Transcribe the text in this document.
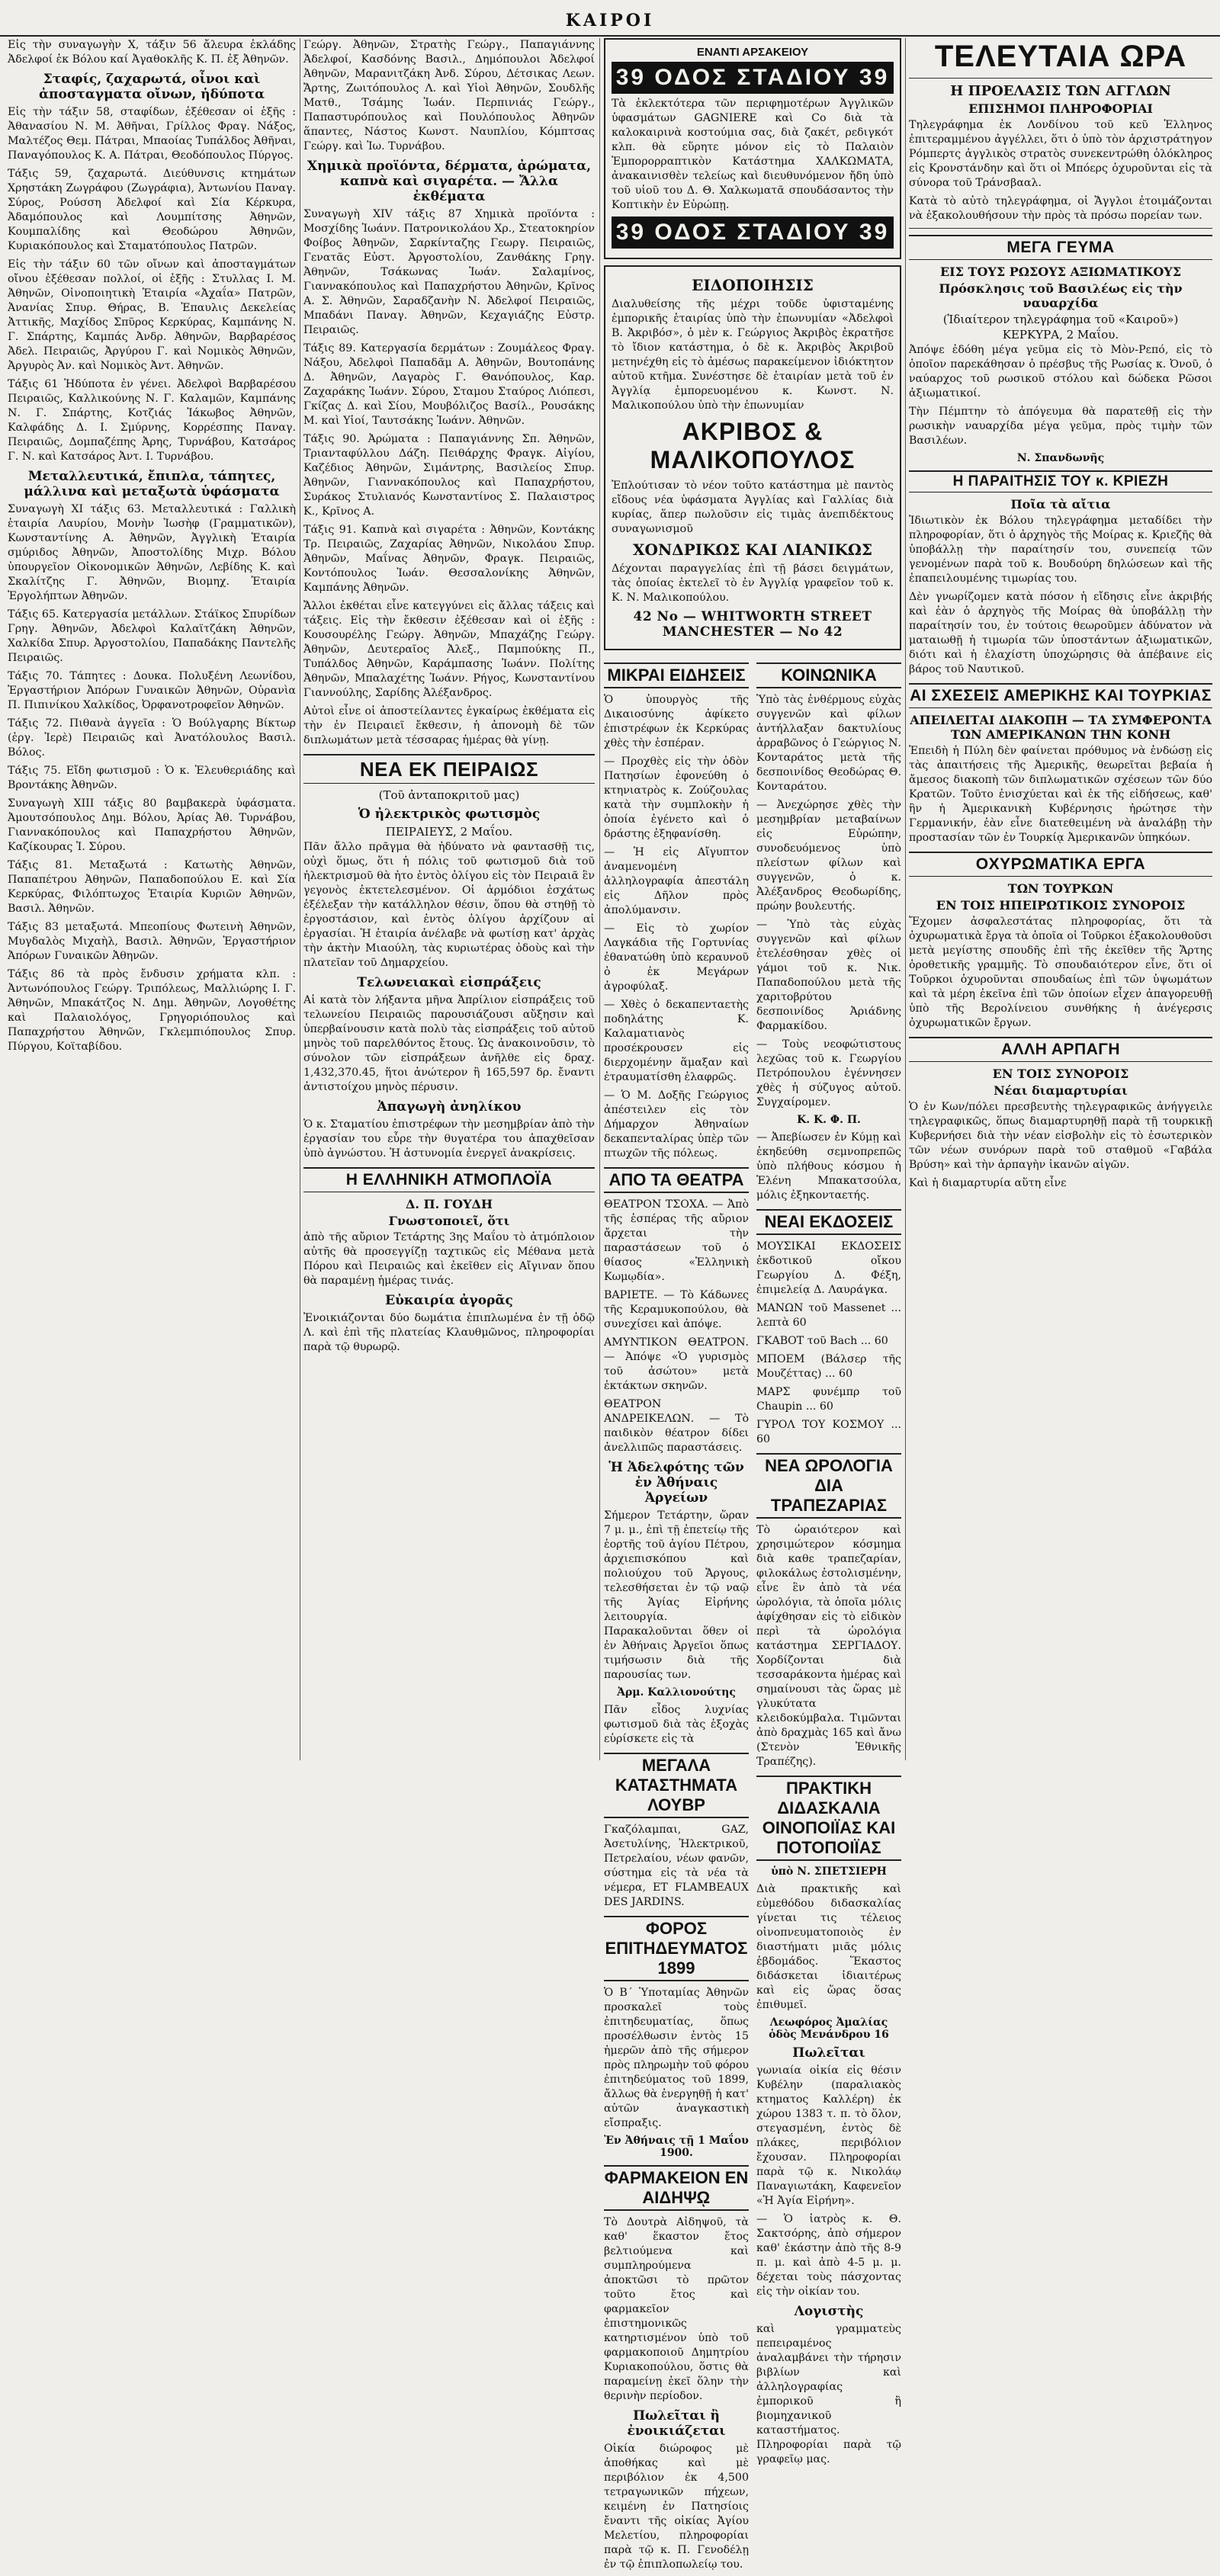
ΚΑΙΡΟΙ

Εἰς τὴν συναγωγὴν Χ, τάξιν 56 ἄλευρα ἐκλάδης Ἀδελφοί ἐκ Βόλου καί Ἀγαθοκλῆς Κ. Π. ἐξ Ἀθηνῶν.

Σταφίς, ζαχαρωτά, οἶνοι καὶ ἀποσταγματα οἴνων, ἡδύποτα

Εἰς τὴν τάξιν 58, σταφίδων, ἐξέθεσαν οἱ ἑξῆς : Ἀθανασίου Ν. Μ. Ἀθῆναι, Γρίλλος Φραγ. Νάξος, Μαλτέζος Θεμ. Πάτραι, Μπαοίας Τυπάλδος Ἀθῆναι, Παναγόπουλος Κ. Α. Πάτραι, Θεοδόπουλος Πύργος.

Τάξις 59, ζαχαρωτά. Διεύθυνσις κτημάτων Χρηστάκη Ζωγράφου (Ζωγράφια), Ἀντωνίου Παναγ. Σύρος, Ρούσση Ἀδελφοί καὶ Σία Κέρκυρα, Ἀδαμόπουλος καὶ Λουμπίτσης Ἀθηνῶν, Κουμπαλίδης καὶ Θεοδώρου Ἀθηνῶν, Κυριακόπουλος καὶ Σταματόπουλος Πατρῶν.

Εἰς τὴν τάξιν 60 τῶν οἴνων καὶ ἀποσταγμάτων οἴνου ἐξέθεσαν πολλοί, οἱ ἑξῆς : Στυλλας Ι. Μ. Ἀθηνῶν, Οἰνοποιητικὴ Ἑταιρία «Ἀχαΐα» Πατρῶν, Ἀνανίας Σπυρ. Θήρας, Β. Ἐπαυλις Δεκελείας Ἀττικῆς, Μαχίδος Σπῦρος Κερκύρας, Καμπάνης Ν. Γ. Σπάρτης, Καμπάς Ἀνδρ. Ἀθηνῶν, Βαρβαρέσος Ἀδελ. Πειραιῶς, Ἀργύρου Γ. καὶ Νομικὸς Ἀθηνῶν, Ἀργυρὸς Ἀν. καὶ Νομικὸς Ἀντ. Ἀθηνῶν.

Τάξις 61 Ἡδύποτα ἐν γένει. Ἀδελφοὶ Βαρβαρέσου Πειραιῶς, Καλλικούνης Ν. Γ. Καλαμῶν, Καμπάνης Ν. Γ. Σπάρτης, Κοτζιάς Ἰάκωβος Ἀθηνῶν, Καλφάδης Δ. Ι. Σμύρνης, Κορρέσπης Παναγ. Πειραιῶς, Δομπαζέπης Ἀρης, Τυρνάβου, Κατσάρος Γ. Ν. καὶ Κατσάρος Ἀντ. Ι. Τυρνάβου.

Μεταλλευτικά, ἔπιπλα, τάπητες, μάλλινα καὶ μεταξωτὰ ὑφάσματα

Συναγωγὴ ΧΙ τάξις 63. Μεταλλευτικά : Γαλλικὴ ἑταιρία Λαυρίου, Μονὴν Ἰωσὴφ (Γραμματικῶν), Κωνσταντίνης Α. Ἀθηνῶν, Ἀγγλικὴ Ἑταιρία σμύριδος Ἀθηνῶν, Ἀποστολίδης Μιχρ. Βόλου ὑπουργεῖον Οἰκονομικῶν Ἀθηνῶν, Λεβίδης Κ. καὶ Σκαλίτζης Γ. Ἀθηνῶν, Βιομηχ. Ἑταιρία Ἐργολήπτων Ἀθηνῶν.

Τάξις 65. Κατεργασία μετάλλων. Στάϊκος Σπυρίδων Γρηγ. Ἀθηνῶν, Ἀδελφοὶ Καλαϊτζάκη Ἀθηνῶν, Χαλκίδα Σπυρ. Ἀργοστολίου, Παπαδάκης Παντελῆς Πειραιῶς.

Τάξις 70. Τάπητες : Δουκα. Πολυξένη Λεωνίδου, Ἐργαστήριον Ἀπόρων Γυναικῶν Ἀθηνῶν, Οὐρανὶα Π. Πιπινίκου Χαλκίδος, Ὀρφανοτροφεῖον Ἀθηνῶν.

Τάξις 72. Πιθανὰ ἀγγεῖα : Ὁ Βούλγαρης Βίκτωρ (ἐργ. Ἱερὲ) Πειραιῶς καὶ Ἀνατόλουλος Βασιλ. Βόλος.

Τάξις 75. Εἴδη φωτισμοῦ : Ὁ κ. Ἐλευθεριάδης καὶ Βροντάκης Ἀθηνῶν.

Συναγωγὴ XIII τάξις 80 βαμβακερὰ ὑφάσματα. Ἀμουτσόπουλος Δημ. Βόλου, Ἀρίας Ἀθ. Τυρνάβου, Γιαννακόπουλος καὶ Παπαχρήστου Ἀθηνῶν, Καζίκουρας Ἰ. Σύρου.

Τάξις 81. Μεταξωτά : Κατωτὴς Ἀθηνῶν, Παπαπέτρου Ἀθηνῶν, Παπαδοπούλου Ε. καὶ Σία Κερκύρας, Φιλόπτωχος Ἑταιρία Κυριῶν Ἀθηνῶν, Βασιλ. Ἀθηνῶν.

Τάξις 83 μεταξωτά. Μπεοπίους Φωτεινὴ Ἀθηνῶν, Μυγδαλὸς Μιχαὴλ, Βασιλ. Ἀθηνῶν, Ἐργαστήριον Ἀπόρων Γυναικῶν Ἀθηνῶν.

Τάξις 86 τὰ πρὸς ἔνδυσιν χρήματα κλπ. : Ἀντωνόπουλος Γεώργ. Τριπόλεως, Μαλλιώρης Ι. Γ. Ἀθηνῶν, Μπακάτζος Ν. Δημ. Ἀθηνῶν, Λογοθέτης καὶ Παλαιολόγος, Γρηγοριόπουλος καὶ Παπαχρήστου Ἀθηνῶν, Γκλεμπιόπουλος Σπυρ. Πύργου, Κοϊταβίδου.

Γεώργ. Ἀθηνῶν, Στρατὴς Γεώργ., Παπαγιάννης Ἀδελφοί, Κασδόνης Βασιλ., Δημόπουλοι Ἀδελφοί Ἀθηνῶν, Μαρανιτζάκη Ἀνδ. Σύρου, Δέτσικας Λεων. Ἄρτης, Ζωιτόπουλος Λ. καὶ Υἱοὶ Ἀθηνῶν, Σουδλῆς Ματθ., Τσάμης Ἰωάν. Περπινιάς Γεώργ., Παπαστυρόπουλος καὶ Πουλόπουλος Ἀθηνῶν ἅπαντες, Νάστος Κωνστ. Ναυπλίου, Κόμπτσας Γεώργ. καὶ Ἰω. Τυρνάβου.

Χημικὰ προϊόντα, δέρματα, ἀρώματα, καπνὰ καὶ σιγαρέτα. — Ἄλλα ἐκθέματα

Συναγωγὴ XIV τάξις 87 Χημικὰ προϊόντα : Μοσχίδης Ἰωάνν. Πατρονικολάου Χρ., Στεατοκηρίον Φοίβος Ἀθηνῶν, Σαρκίνταζης Γεωργ. Πειραιῶς, Γενατᾶς Εὐστ. Ἀργοστολίου, Ζανθάκης Γρηγ. Ἀθηνῶν, Τσάκωνας Ἰωάν. Σαλαμίνος, Γιαννακόπουλος καὶ Παπαχρήστου Ἀθηνῶν, Κρῖνος Α. Σ. Ἀθηνῶν, Σαραδζανὴν Ν. Ἀδελφοί Πειραιῶς, Μπαδάνι Παναγ. Ἀθηνῶν, Κεχαγιάζης Εὐστρ. Πειραιῶς.

Τάξις 89. Κατεργασία δερμάτων : Ζουμάλεος Φραγ. Νάξου, Ἀδελφοὶ Παπαδᾶμ Α. Ἀθηνῶν, Βουτοπάνης Δ. Ἀθηνῶν, Λαγαρὸς Γ. Θανόπουλος, Καρ. Ζαχαράκης Ἰωάνν. Σύρου, Σταμου Σταύρος Λιόπεσι, Γκίζας Δ. καὶ Σίου, Μουβόλιζος Βασίλ., Ρουσάκης Μ. καὶ Υἱοί, Ταυτσάκης Ἰωάνν. Ἀθηνῶν.

Τάξις 90. Ἀρώματα : Παπαγιάννης Σπ. Ἀθηνῶν, Τριανταφύλλου Δάζη. Πειθάρχης Φραγκ. Αἰγίου, Καζέδιος Ἀθηνῶν, Σιμάντρης, Βασιλείος Σπυρ. Ἀθηνῶν, Γιαννακόπουλος καὶ Παπαχρήστου, Συράκος Στυλιανός Κωνσταντίνος Σ. Παλαιστρος Κ., Κρῖνος Α.

Τάξις 91. Καπνὰ καὶ σιγαρέτα : Ἀθηνῶν, Κοντάκης Τρ. Πειραιῶς, Ζαχαρίας Ἀθηνῶν, Νικολάου Σπυρ. Ἀθηνῶν, Μαΐνας Ἀθηνῶν, Φραγκ. Πειραιῶς, Κοντόπουλος Ἰωάν. Θεσσαλονίκης Ἀθηνῶν, Καμπάνης Ἀθηνῶν.

Ἄλλοι ἐκθέται εἶνε κατεγγύνει εἰς ἄλλας τάξεις καὶ τάξεις. Εἰς τὴν ἔκθεσιν ἐξέθεσαν καὶ οἱ ἑξῆς : Κουσουρέλης Γεώργ. Ἀθηνῶν, Μπαχάζης Γεώργ. Ἀθηνῶν, Δευτεραῖος Ἀλεξ., Παμπούκης Π., Τυπάλδος Ἀθηνῶν, Καράμπασης Ἰωάνν. Πολίτης Ἀθηνῶν, Μπαλαχέτης Ἰωάνν. Ρήγος, Κωνσταντίνου Γιαννούλης, Σαρίδης Ἀλέξανδρος.

Αὐτοὶ εἶνε οἱ ἀποστείλαντες ἐγκαίρως ἐκθέματα εἰς τὴν ἐν Πειραιεῖ ἔκθεσιν, ἡ ἀπονομὴ δὲ τῶν διπλωμάτων μετὰ τέσσαρας ἡμέρας θὰ γίνῃ.

ΝΕΑ ΕΚ ΠΕΙΡΑΙΩΣ
(Τοῦ ἀνταποκριτοῦ μας)
Ὁ ἠλεκτρικὸς φωτισμὸς
ΠΕΙΡΑΙΕΥΣ, 2 Μαΐου.

Πᾶν ἄλλο πρᾶγμα θὰ ἠδύνατο νὰ φαντασθῇ τις, οὐχὶ ὅμως, ὅτι ἡ πόλις τοῦ φωτισμοῦ διὰ τοῦ ἠλεκτρισμοῦ θὰ ἠτο ἐντὸς ὀλίγου εἰς τὸν Πειραιᾶ ἓν γεγονὸς ἐκτετελεσμένον. Οἱ ἀρμόδιοι ἐσχάτως ἐξέλεξαν τὴν κατάλληλον θέσιν, ὅπου θὰ στηθῇ τὸ ἐργοστάσιον, καὶ ἐντὸς ὀλίγου ἀρχίζουν αἱ ἐργασίαι. Ἡ ἐταιρία ἀνέλαβε νὰ φωτίσῃ κατ' ἀρχὰς τὴν ἀκτὴν Μιαούλη, τὰς κυριωτέρας ὁδοὺς καὶ τὴν πλατεῖαν τοῦ Δημαρχείου.

Τελωνειακαὶ εἰσπράξεις

Αἱ κατὰ τὸν λήξαντα μῆνα Ἀπρίλιον εἰσπράξεις τοῦ τελωνείου Πειραιῶς παρουσιάζουσι αὔξησιν καὶ ὑπερβαίνουσιν κατὰ πολὺ τὰς εἰσπράξεις τοῦ αὐτοῦ μηνὸς τοῦ παρελθόντος ἔτους. Ὡς ἀνακοινοῦσιν, τὸ σύνολον τῶν εἰσπράξεων ἀνῆλθε εἰς δραχ. 1,432,370.45, ἥτοι ἀνώτερον ἢ 165,597 δρ. ἔναντι ἀντιστοίχου μηνὸς πέρυσιν.

Ἀπαγωγὴ ἀνηλίκου

Ὁ κ. Σταματίου ἐπιστρέφων τὴν μεσημβρίαν ἀπὸ τὴν ἐργασίαν του εὗρε τὴν θυγατέρα του ἀπαχθεῖσαν ὑπὸ ἀγνώστου. Ἡ ἀστυνομία ἐνεργεῖ ἀνακρίσεις.

Η ΕΛΛΗΝΙΚΗ ΑΤΜΟΠΛΟΪΑ
Δ. Π. ΓΟΥΔΗ
Γνωστοποιεῖ, ὅτι

ἀπὸ τῆς αὔριον Τετάρτης 3ης Μαΐου τὸ ἀτμόπλοιον αὐτῆς θὰ προσεγγίζῃ ταχτικῶς εἰς Μέθανα μετὰ Πόρου καὶ Πειραιῶς καὶ ἐκεῖθεν εἰς Αἴγιναν ὅπου θὰ παραμένῃ ἡμέρας τινάς.

Εὐκαιρία ἀγορᾶς

Ἐνοικιάζονται δύο δωμάτια ἐπιπλωμένα ἐν τῇ ὁδῷ Λ. καὶ ἐπὶ τῆς πλατείας Κλαυθμῶνος, πληροφορίαι παρὰ τῷ θυρωρῷ.

ΕΝΑΝΤΙ ΑΡΣΑΚΕΙΟΥ
39 ΟΔΟΣ ΣΤΑΔΙΟΥ 39

Τὰ ἐκλεκτότερα τῶν περιφημοτέρων Ἀγγλικῶν ὑφασμάτων GAGNIERE καὶ Co διὰ τὰ καλοκαιρινὰ κοστούμια σας, διὰ ζακέτ, ρεδιγκότ κλπ. θὰ εὕρητε μόνον εἰς τὸ Παλαιὸν Ἐμπορορραπτικὸν Κατάστημα ΧΑΛΚΩΜΑΤΑ, ἀνακαινισθὲν τελείως καὶ διευθυνόμενον ἤδη ὑπὸ τοῦ υἱοῦ του Δ. Θ. Χαλκωματᾶ σπουδάσαντος τὴν Κοπτικὴν ἐν Εὐρώπῃ.

39 ΟΔΟΣ ΣΤΑΔΙΟΥ 39
ΕΙΔΟΠΟΙΗΣΙΣ

Διαλυθείσης τῆς μέχρι τοῦδε ὑφισταμένης ἐμπορικῆς ἑταιρίας ὑπὸ τὴν ἐπωνυμίαν «Ἀδελφοὶ Β. Ἀκριβόσ», ὁ μὲν κ. Γεώργιος Ἀκριβὸς ἐκρατῆσε τὸ ἴδιον κατάστημα, ὁ δὲ κ. Ἀκριβὸς Ἀκριβοῦ μετηνέχθη εἰς τὸ ἀμέσως παρακείμενον ἰδιόκτητον αὐτοῦ κτῆμα. Συνέστησε δὲ ἑταιρίαν μετὰ τοῦ ἐν Ἀγγλίᾳ ἐμπορευομένου κ. Κωνστ. Ν. Μαλικοπούλου ὑπὸ τὴν ἐπωνυμίαν

ΑΚΡΙΒΟΣ & ΜΑΛΙΚΟΠΟΥΛΟΣ

Ἐπλούτισαν τὸ νέον τοῦτο κατάστημα μὲ παντὸς εἴδους νέα ὑφάσματα Ἀγγλίας καὶ Γαλλίας διὰ κυρίας, ἅπερ πωλοῦσιν εἰς τιμὰς ἀνεπιδέκτους συναγωνισμοῦ

ΧΟΝΔΡΙΚΩΣ ΚΑΙ ΛΙΑΝΙΚΩΣ

Δέχονται παραγγελίας ἐπὶ τῇ βάσει δειγμάτων, τὰς ὁποίας ἐκτελεῖ τὸ ἐν Ἀγγλίᾳ γραφεῖον τοῦ κ. Κ. Ν. Μαλικοπούλου.

42 Νο — WHITWORTH STREET MANCHESTER — Νο 42
ΜΙΚΡΑΙ ΕΙΔΗΣΕΙΣ

Ὁ ὑπουργὸς τῆς Δικαιοσύνης ἀφίκετο ἐπιστρέφων ἐκ Κερκύρας χθὲς τὴν ἑσπέραν.

— Προχθὲς εἰς τὴν ὁδὸν Πατησίων ἐφονεύθη ὁ κτηνιατρὸς κ. Ζούζουλας κατὰ τὴν συμπλοκὴν ἡ ὁποία ἐγένετο καὶ ὁ δράστης ἐξηφανίσθη.

— Ἡ εἰς Αἴγυπτον ἀναμενομένη ἀλληλογραφία ἀπεστάλη εἰς Δῆλον πρὸς ἀπολύμανσιν.

— Εἰς τὸ χωρίον Λαγκάδια τῆς Γορτυνίας ἐθανατώθη ὑπὸ κεραυνοῦ ὁ ἐκ Μεγάρων ἀγροφύλαξ.

— Χθὲς ὁ δεκαπενταετὴς ποδηλάτης Κ. Καλαματιανὸς προσέκρουσεν εἰς διερχομένην ἅμαξαν καὶ ἐτραυματίσθη ἐλαφρῶς.

— Ὁ Μ. Δοξῆς Γεώργιος ἀπέστειλεν εἰς τὸν Δήμαρχον Ἀθηναίων δεκαπενταλίρας ὑπὲρ τῶν πτωχῶν τῆς πόλεως.

ΑΠΟ ΤΑ ΘΕΑΤΡΑ

ΘΕΑΤΡΟΝ ΤΣΟΧΑ. — Ἀπὸ τῆς ἑσπέρας τῆς αὔριον ἄρχεται τὴν παραστάσεων τοῦ ὁ θίασος «Ἑλληνικὴ Κωμῳδία».

ΒΑΡΙΕΤΕ. — Τὸ Κάδωνες τῆς Κεραμυκοπούλου, θὰ συνεχίσει καὶ ἀπόψε.

ΑΜΥΝΤΙΚΟΝ ΘΕΑΤΡΟΝ. — Ἀπόψε «Ὁ γυρισμὸς τοῦ ἀσώτου» μετὰ ἐκτάκτων σκηνῶν.

ΘΕΑΤΡΟΝ ΑΝΔΡΕΙΚΕΛΩΝ. — Τὸ παιδικὸν θέατρον δίδει ἀνελλιπῶς παραστάσεις.

Ἡ Ἀδελφότης τῶν ἐν Ἀθήναις Ἀργείων

Σήμερον Τετάρτην, ὥραν 7 μ. μ., ἐπὶ τῇ ἐπετείῳ τῆς ἑορτῆς τοῦ ἁγίου Πέτρου, ἀρχιεπισκόπου καὶ πολιούχου τοῦ Ἄργους, τελεσθήσεται ἐν τῷ ναῷ τῆς Ἁγίας Εἰρήνης λειτουργία. Παρακαλοῦνται ὅθεν οἱ ἐν Ἀθήναις Ἀργεῖοι ὅπως τιμήσωσιν διὰ τῆς παρουσίας των.

Ἀρμ. Καλλιονούτης

Πᾶν εἶδος λυχνίας φωτισμοῦ διὰ τὰς ἑξοχὰς εὑρίσκετε εἰς τὰ

ΜΕΓΑΛΑ ΚΑΤΑΣΤΗΜΑΤΑ ΛΟΥΒΡ

Γκαζόλαμπαι, GAZ, Ἀσετυλίνης, Ἠλεκτρικοῦ, Πετρελαίου, νέων φανῶν, σύστημα εἰς τὰ νέα τὰ νέμερα, ET FLAMBEAUX DES JARDINS.

ΦΟΡΟΣ ΕΠΙΤΗΔΕΥΜΑΤΟΣ 1899

Ὁ Β΄ Ὑποταμίας Ἀθηνῶν προσκαλεῖ τοὺς ἐπιτηδευματίας, ὅπως προσέλθωσιν ἐντὸς 15 ἡμερῶν ἀπὸ τῆς σήμερον πρὸς πληρωμὴν τοῦ φόρου ἐπιτηδεύματος τοῦ 1899, ἄλλως θὰ ἐνεργηθῇ ἡ κατ' αὐτῶν ἀναγκαστικὴ εἴσπραξις.

Ἐν Ἀθήναις τῇ 1 Μαΐου 1900.
ΦΑΡΜΑΚΕΙΟΝ ΕΝ ΑΙΔΗΨῼ

Τὸ Δουτρὰ Αἰδηψοῦ, τὰ καθ' ἕκαστον ἔτος βελτιούμενα καὶ συμπληρούμενα ἀποκτῶσι τὸ πρῶτον τοῦτο ἔτος καὶ φαρμακεῖον ἐπιστημονικῶς κατηρτισμένον ὑπὸ τοῦ φαρμακοποιοῦ Δημητρίου Κυριακοπούλου, ὅστις θὰ παραμείνῃ ἐκεῖ ὅλην τὴν θερινὴν περίοδον.

Πωλεῖται ἢ ἐνοικιάζεται

Οἰκία διώροφος μὲ ἀποθήκας καὶ μὲ περιβόλιον ἐκ 4,500 τετραγωνικῶν πήχεων, κειμένη ἐν Πατησίοις ἔναντι τῆς οἰκίας Ἀγίου Μελετίου, πληροφορίαι παρὰ τῷ κ. Π. Γενοδέλῃ ἐν τῷ ἐπιπλοπωλείῳ του.

ΚΟΙΝΩΝΙΚΑ

Ὑπὸ τὰς ἐνθέρμους εὐχὰς συγγενῶν καὶ φίλων ἀντήλλαξαν δακτυλίους ἀρραβῶνος ὁ Γεώργιος Ν. Κονταράτος μετὰ τῆς δεσποινίδος Θεοδώρας Θ. Κονταράτου.

— Ἀνεχώρησε χθὲς τὴν μεσημβρίαν μεταβαίνων εἰς Εὐρώπην, συνοδευόμενος ὑπὸ πλείστων φίλων καὶ συγγενῶν, ὁ κ. Ἀλέξανδρος Θεοδωρίδης, πρώην βουλευτής.

— Ὑπὸ τὰς εὐχὰς συγγενῶν καὶ φίλων ἐτελέσθησαν χθὲς οἱ γάμοι τοῦ κ. Νικ. Παπαδοπούλου μετὰ τῆς χαριτοβρύτου δεσποινίδος Ἀριάδνης Φαρμακίδου.

— Τοὺς νεοφώτιστους λεχῶας τοῦ κ. Γεωργίου Πετρόπουλου ἐγέννησεν χθὲς ἡ σύζυγος αὐτοῦ. Συγχαίρομεν.

Κ. Κ. Φ. Π.

— Ἀπεβίωσεν ἐν Κύμῃ καὶ ἐκηδεύθη σεμνοπρεπῶς ὑπὸ πλήθους κόσμου ἡ Ἑλένη Μπακατσούλα, μόλις ἐξηκονταετής.

ΝΕΑΙ ΕΚΔΟΣΕΙΣ

ΜΟΥΣΙΚΑΙ ΕΚΔΟΣΕΙΣ ἐκδοτικοῦ οἴκου Γεωργίου Δ. Φέξη, ἐπιμελείᾳ Δ. Λαυράγκα.

ΜΑΝΩΝ τοῦ Massenet ... λεπτὰ 60

ΓΚΑΒΟΤ τοῦ Bach ... 60

ΜΠΟΕΜ (Βάλσερ τῆς Μουζέττας) ... 60

ΜΑΡΣ φυνέμπρ τοῦ Chaupin ... 60

ΓΥΡΟΛ ΤΟΥ ΚΟΣΜΟΥ ... 60

ΝΕΑ ΩΡΟΛΟΓΙΑ ΔΙΑ ΤΡΑΠΕΖΑΡΙΑΣ

Τὸ ὡραιότερον καὶ χρησιμώτερον κόσμημα διὰ καθε τραπεζαρίαν, φιλοκάλως ἐστολισμένην, εἶνε ἓν ἀπὸ τὰ νέα ὡρολόγια, τὰ ὁποῖα μόλις ἀφίχθησαν εἰς τὸ εἰδικὸν περὶ τὰ ὡρολόγια κατάστημα ΣΕΡΓΙΑΔΟΥ. Χορδίζονται διὰ τεσσαράκοντα ἡμέρας καὶ σημαίνουσι τὰς ὥρας μὲ γλυκύτατα κλειδοκύμβαλα. Τιμῶνται ἀπὸ δραχμὰς 165 καὶ ἄνω (Στενὸν Ἐθνικῆς Τραπέζης).

ΠΡΑΚΤΙΚΗ ΔΙΔΑΣΚΑΛΙΑ ΟΙΝΟΠΟΙΪΑΣ ΚΑΙ ΠΟΤΟΠΟΙΪΑΣ
ὑπὸ Ν. ΣΠΕΤΣΙΕΡΗ

Διὰ πρακτικῆς καὶ εὐμεθόδου διδασκαλίας γίνεται τις τέλειος οἰνοπνευματοποιὸς ἐν διαστήματι μιᾶς μόλις ἑβδομάδος. Ἕκαστος διδάσκεται ἰδιαιτέρως καὶ εἰς ὥρας ὅσας ἐπιθυμεῖ.

Λεωφόρος Ἀμαλίας ὁδὸς Μενάνδρου 16
Πωλεῖται

γωνιαία οἰκία εἰς θέσιν Κυβέλην (παραλιακὸς κτηματος Καλλέρη) ἐκ χώρου 1383 τ. π. τὸ ὅλον, στεγασμένη, ἐντὸς δὲ πλάκες, περιβόλιον ἔχουσαν. Πληροφορίαι παρὰ τῷ κ. Νικολάῳ Παναγιωτάκη, Καφενεῖον «Ἡ Ἀγία Εἰρήνη».

— Ὁ ἰατρὸς κ. Θ. Σακτσόρης, ἀπὸ σήμερον καθ' ἑκάστην ἀπὸ τῆς 8-9 π. μ. καὶ ἀπὸ 4-5 μ. μ. δέχεται τοὺς πάσχοντας εἰς τὴν οἰκίαν του.

Λογιστὴς

καὶ γραμματεὺς πεπειραμένος ἀναλαμβάνει τὴν τήρησιν βιβλίων καὶ ἀλληλογραφίας ἐμπορικοῦ ἢ βιομηχανικοῦ καταστήματος. Πληροφορίαι παρὰ τῷ γραφεῖῳ μας.

ΤΕΛΕΥΤΑΙΑ ΩΡΑ
Η ΠΡΟΕΛΑΣΙΣ ΤΩΝ ΑΓΓΛΩΝ
ΕΠΙΣΗΜΟΙ ΠΛΗΡΟΦΟΡΙΑΙ

Τηλεγράφημα ἐκ Λονδίνου τοῦ κεῦ Ἑλληνος ἐπιτεραμμένου ἀγγέλλει, ὅτι ὁ ὑπὸ τὸν ἀρχιστράτηγον Ρόμπερτς ἀγγλικὸς στρατὸς συνεκεντρώθη ὁλόκληρος εἰς Κρονστάνδην καὶ ὅτι οἱ Μπόερς ὀχυροῦνται εἰς τὰ σύνορα τοῦ Τράνσβααλ.

Κατὰ τὸ αὐτὸ τηλεγράφημα, οἱ Ἄγγλοι ἐτοιμάζονται νὰ ἐξακολουθήσουν τὴν πρὸς τὰ πρόσω πορείαν των.

ΜΕΓΑ ΓΕΥΜΑ
ΕΙΣ ΤΟΥΣ ΡΩΣΟΥΣ ΑΞΙΩΜΑΤΙΚΟΥΣ
Πρόσκλησις τοῦ Βασιλέως εἰς τὴν ναυαρχίδα
(Ἰδιαίτερον τηλεγράφημα τοῦ «Καιροῦ»)
ΚΕΡΚΥΡΑ, 2 Μαΐου.

Ἀπόψε ἐδόθη μέγα γεῦμα εἰς τὸ Μὸν-Ρεπό, εἰς τὸ ὁποῖον παρεκάθησαν ὁ πρέσβυς τῆς Ρωσίας κ. Ὀνοῦ, ὁ ναύαρχος τοῦ ρωσικοῦ στόλου καὶ δώδεκα Ρῶσοι ἀξιωματικοί.

Τὴν Πέμπτην τὸ ἀπόγευμα θὰ παρατεθῇ εἰς τὴν ρωσικὴν ναυαρχίδα μέγα γεῦμα, πρὸς τιμὴν τῶν Βασιλέων.

Ν. Σπανδωνῆς
Η ΠΑΡΑΙΤΗΣΙΣ ΤΟΥ κ. ΚΡΙΕΖΗ
Ποῖα τὰ αἴτια

Ἰδιωτικὸν ἐκ Βόλου τηλεγράφημα μεταδίδει τὴν πληροφορίαν, ὅτι ὁ ἀρχηγὸς τῆς Μοίρας κ. Κριεζῆς θὰ ὑποβάλλῃ τὴν παραίτησίν του, συνεπείᾳ τῶν γενομένων παρὰ τοῦ κ. Βουδούρη δηλώσεων καὶ τῆς ἐπαπειλουμένης τιμωρίας του.

Δὲν γνωρίζομεν κατὰ πόσον ἡ εἴδησις εἶνε ἀκριβής καὶ ἐὰν ὁ ἀρχηγὸς τῆς Μοίρας θὰ ὑποβάλλῃ τὴν παραίτησίν του, ἐν τούτοις θεωροῦμεν ἀδύνατον νὰ ματαιωθῇ ἡ τιμωρία τῶν ὑποστάντων ἀξιωματικῶν, διότι καὶ ἡ ἐλαχίστη ὑποχώρησις θὰ ἀπέβαινε εἰς βάρος τοῦ Ναυτικοῦ.

ΑΙ ΣΧΕΣΕΙΣ ΑΜΕΡΙΚΗΣ ΚΑΙ ΤΟΥΡΚΙΑΣ
ΑΠΕΙΛΕΙΤΑΙ ΔΙΑΚΟΠΗ — ΤΑ ΣΥΜΦΕΡΟΝΤΑ ΤΩΝ ΑΜΕΡΙΚΑΝΩΝ ΤΗΝ ΚΟΝΗ

Ἐπειδὴ ἡ Πύλη δὲν φαίνεται πρόθυμος νὰ ἐνδώσῃ εἰς τὰς ἀπαιτήσεις τῆς Ἀμερικῆς, θεωρεῖται βεβαία ἡ ἄμεσος διακοπὴ τῶν διπλωματικῶν σχέσεων τῶν δύο Κρατῶν. Τοῦτο ἐνισχύεται καὶ ἐκ τῆς εἰδήσεως, καθ' ἣν ἡ Ἀμερικανικὴ Κυβέρνησις ἠρώτησε τὴν Γερμανικήν, ἐὰν εἶνε διατεθειμένη νὰ ἀναλάβῃ τὴν προστασίαν τῶν ἐν Τουρκίᾳ Ἀμερικανῶν ὑπηκόων.

ΟΧΥΡΩΜΑΤΙΚΑ ΕΡΓΑ
ΤΩΝ ΤΟΥΡΚΩΝ
ΕΝ ΤΟΙΣ ΗΠΕΙΡΩΤΙΚΟΙΣ ΣΥΝΟΡΟΙΣ

Ἔχομεν ἀσφαλεστάτας πληροφορίας, ὅτι τὰ ὀχυρωματικὰ ἔργα τὰ ὁποῖα οἱ Τοῦρκοι ἐξακολουθοῦσι μετὰ μεγίστης σπουδῆς ἐπὶ τῆς ἐκεῖθεν τῆς Ἄρτης ὁροθετικῆς γραμμῆς. Τὸ σπουδαιότερον εἶνε, ὅτι οἱ Τοῦρκοι ὀχυροῦνται σπουδαίως ἐπὶ τῶν ὑψωμάτων καὶ τὰ μέρη ἐκεῖνα ἐπὶ τῶν ὁποίων εἶχεν ἀπαγορευθῇ ὑπὸ τῆς Βερολίνειου συνθήκης ἡ ἀνέγερσις ὀχυρωματικῶν ἔργων.

ΑΛΛΗ ΑΡΠΑΓΗ
ΕΝ ΤΟΙΣ ΣΥΝΟΡΟΙΣ
Νέαι διαμαρτυρίαι

Ὁ ἐν Κων/πόλει πρεσβευτὴς τηλεγραφικῶς ἀνήγγειλε τηλεγραφικῶς, ὅπως διαμαρτυρηθῇ παρὰ τῇ τουρκικῇ Κυβερνήσει διὰ τὴν νέαν εἰσβολὴν εἰς τὸ ἐσωτερικὸν τῶν νέων συνόρων παρὰ τοῦ σταθμοῦ «Γαβάλα Βρύση» καὶ τὴν ἀρπαγὴν ἱκανῶν αἰγῶν.

Καὶ ἡ διαμαρτυρία αὕτη εἶνε
